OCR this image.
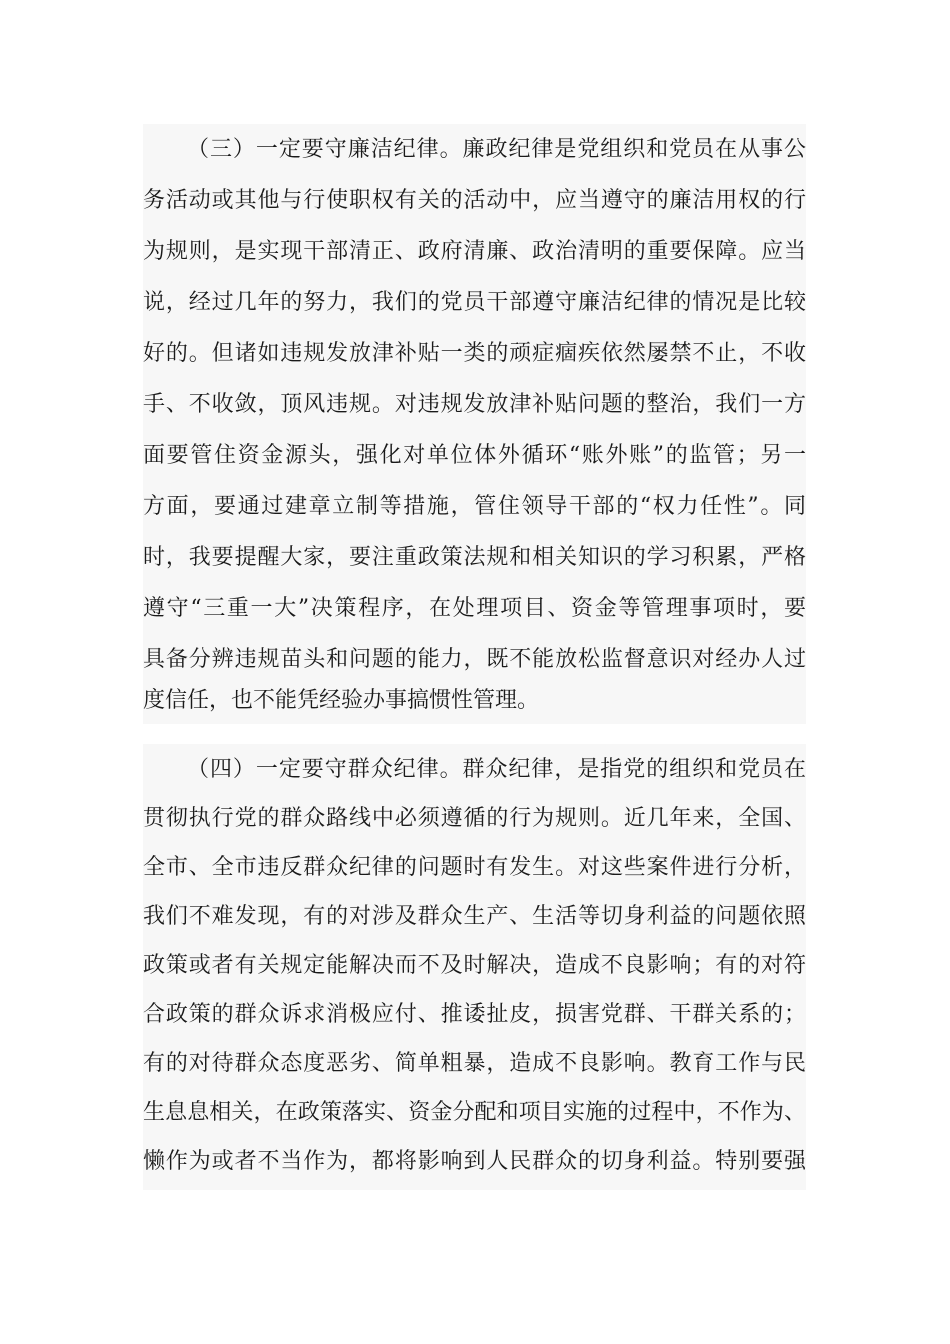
（三）一定要守廉洁纪律。廉政纪律是党组织和党员在从事公
务活动或其他与行使职权有关的活动中，应当遵守的廉洁用权的行
为规则，是实现干部清正、政府清廉、政治清明的重要保障。应当
说，经过几年的努力，我们的党员干部遵守廉洁纪律的情况是比较
好的。但诸如违规发放津补贴一类的顽症痼疾依然屡禁不止，不收
手、不收敛，顶风违规。对违规发放津补贴问题的整治，我们一方
面要管住资金源头，强化对单位体外循环“账外账”的监管；另一
方面，要通过建章立制等措施，管住领导干部的“权力任性”。同
时，我要提醒大家，要注重政策法规和相关知识的学习积累，严格
遵守“三重一大”决策程序，在处理项目、资金等管理事项时，要
具备分辨违规苗头和问题的能力，既不能放松监督意识对经办人过
度信任，也不能凭经验办事搞惯性管理。
（四）一定要守群众纪律。群众纪律，是指党的组织和党员在
贯彻执行党的群众路线中必须遵循的行为规则。近几年来，全国、
全市、全市违反群众纪律的问题时有发生。对这些案件进行分析，
我们不难发现，有的对涉及群众生产、生活等切身利益的问题依照
政策或者有关规定能解决而不及时解决，造成不良影响；有的对符
合政策的群众诉求消极应付、推诿扯皮，损害党群、干群关系的；
有的对待群众态度恶劣、简单粗暴，造成不良影响。教育工作与民
生息息相关，在政策落实、资金分配和项目实施的过程中，不作为、
懒作为或者不当作为，都将影响到人民群众的切身利益。特别要强
